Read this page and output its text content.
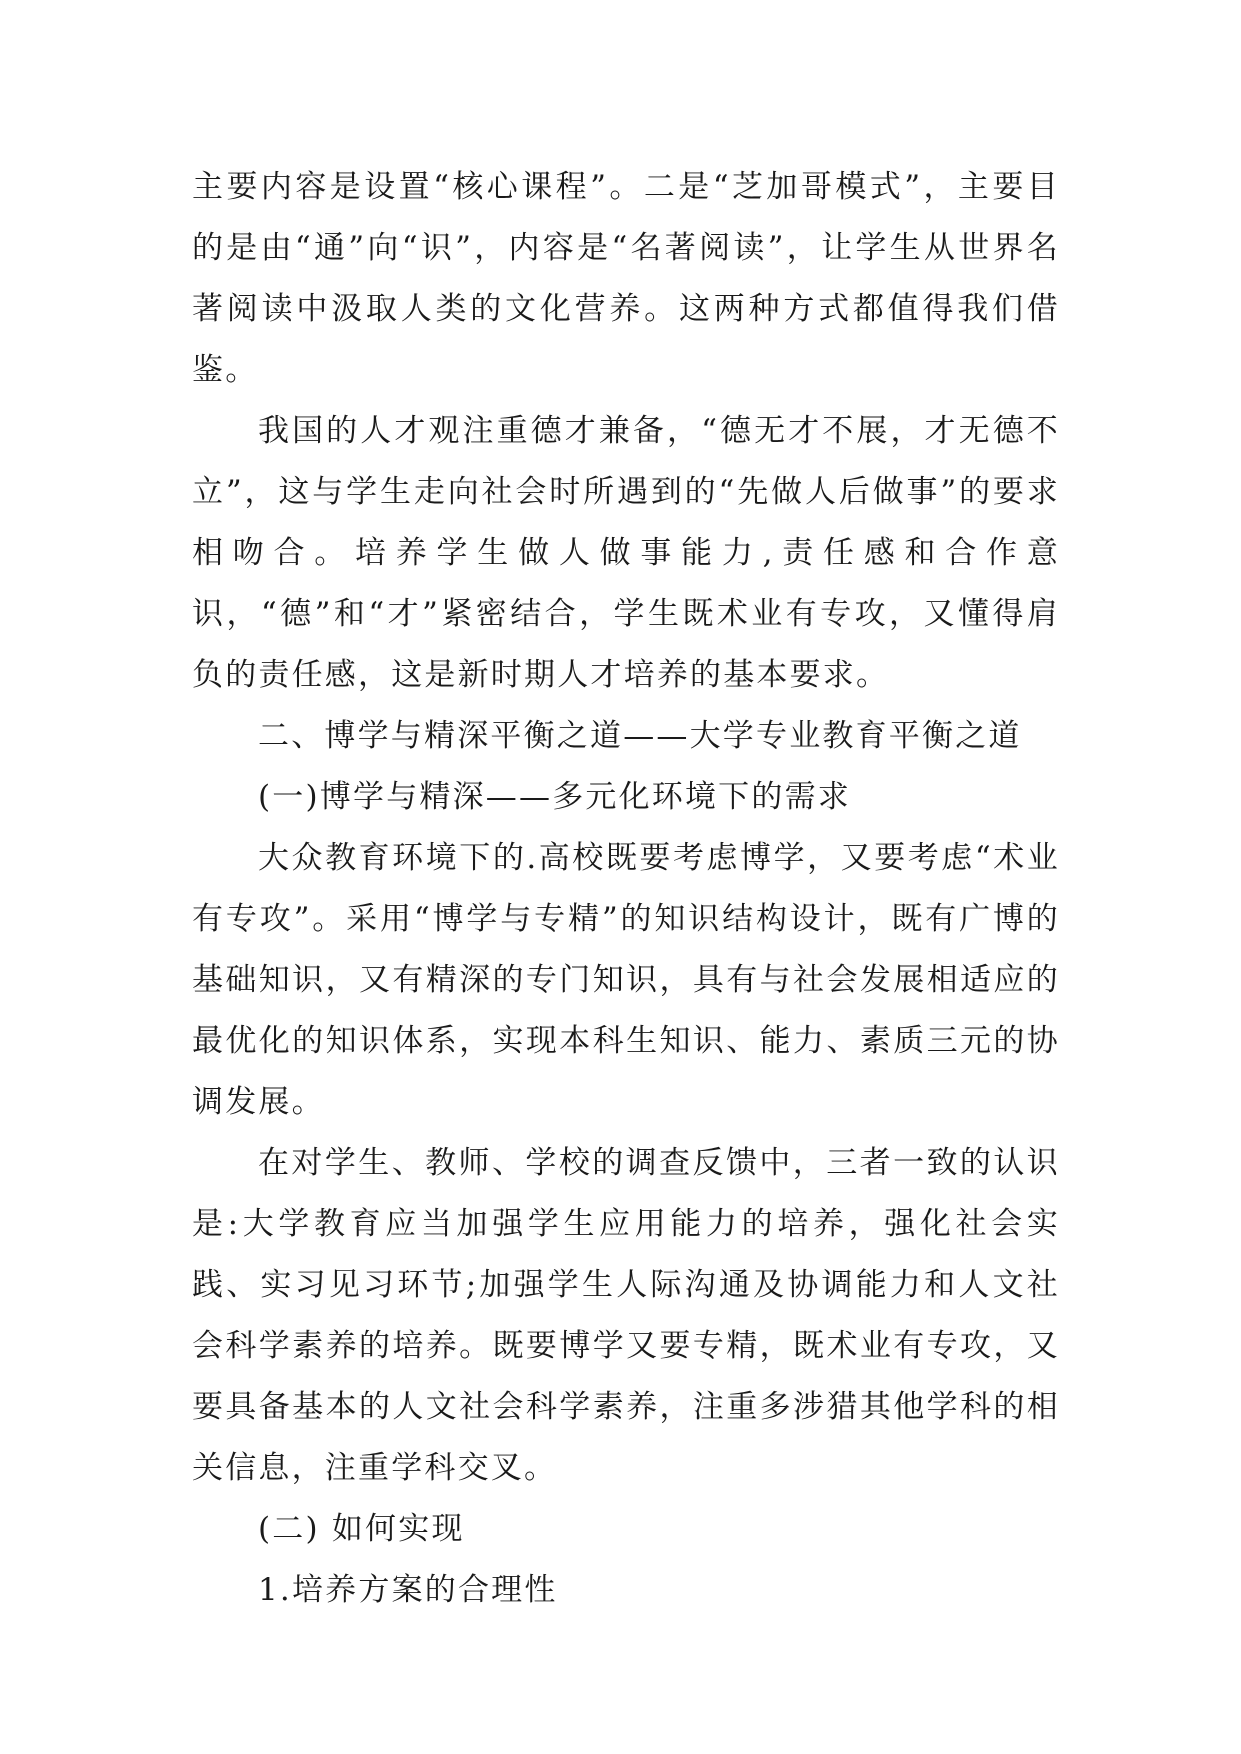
主要内容是设置“核心课程”。二是“芝加哥模式”，主要目的是由“通”向“识”，内容是“名著阅读”，让学生从世界名著阅读中汲取人类的文化营养。这两种方式都值得我们借鉴。

我国的人才观注重德才兼备，“德无才不展，才无德不立”，这与学生走向社会时所遇到的“先做人后做事”的要求相吻合。培养学生做人做事能力,责任感和合作意识，“德”和“才”紧密结合，学生既术业有专攻，又懂得肩负的责任感，这是新时期人才培养的基本要求。

二、博学与精深平衡之道——大学专业教育平衡之道

(一)博学与精深——多元化环境下的需求

大众教育环境下的.高校既要考虑博学，又要考虑“术业有专攻”。采用“博学与专精”的知识结构设计，既有广博的基础知识，又有精深的专门知识，具有与社会发展相适应的最优化的知识体系，实现本科生知识、能力、素质三元的协调发展。

在对学生、教师、学校的调查反馈中，三者一致的认识是:大学教育应当加强学生应用能力的培养，强化社会实践、实习见习环节;加强学生人际沟通及协调能力和人文社会科学素养的培养。既要博学又要专精，既术业有专攻，又要具备基本的人文社会科学素养，注重多涉猎其他学科的相关信息，注重学科交叉。

(二) 如何实现

1.培养方案的合理性
